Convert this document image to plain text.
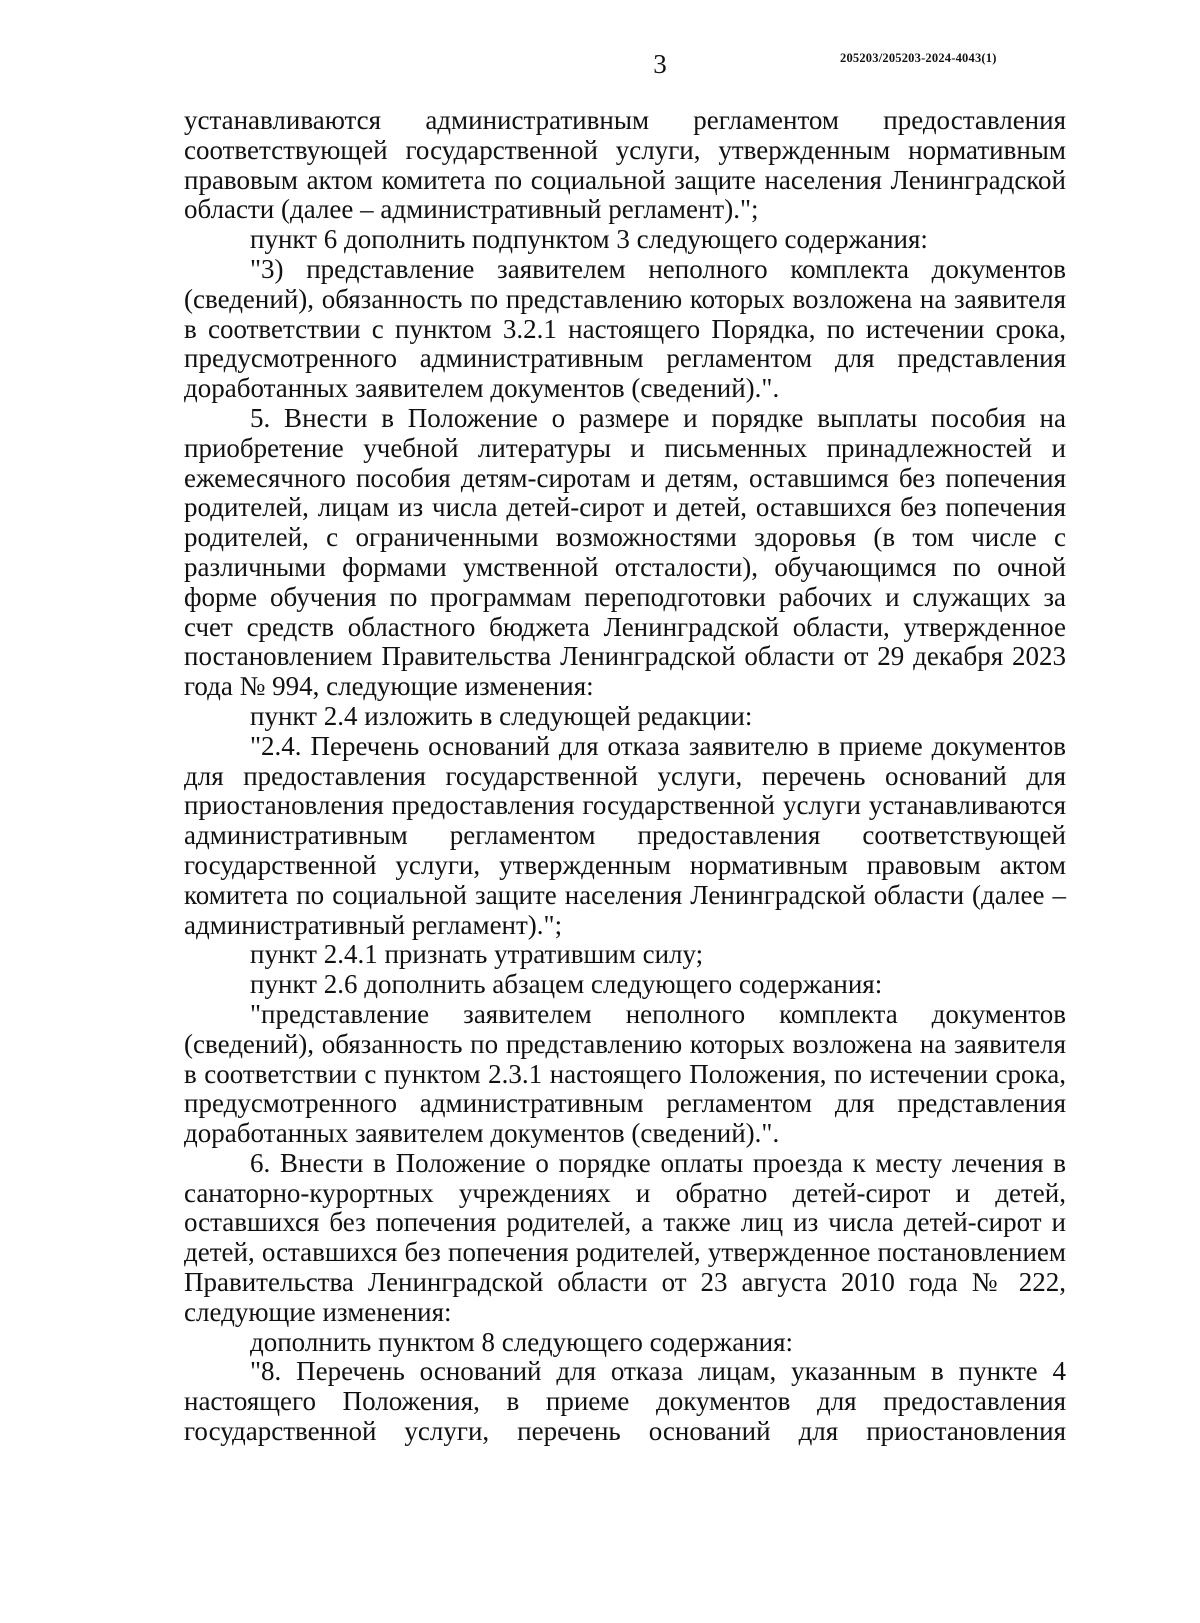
3	205203/205203-2024-4043(1)

устанавливаются административным регламентом предоставления соответствующей государственной услуги, утвержденным нормативным правовым актом комитета по социальной защите населения Ленинградской области (далее – административный регламент).";

пункт 6 дополнить подпунктом 3 следующего содержания:

"3) представление заявителем неполного комплекта документов (сведений), обязанность по представлению которых возложена на заявителя в соответствии с пунктом 3.2.1 настоящего Порядка, по истечении срока, предусмотренного административным регламентом для представления доработанных заявителем документов (сведений).".

5. Внести в Положение о размере и порядке выплаты пособия на приобретение учебной литературы и письменных принадлежностей и ежемесячного пособия детям-сиротам и детям, оставшимся без попечения родителей, лицам из числа детей-сирот и детей, оставшихся без попечения родителей, с ограниченными возможностями здоровья (в том числе с различными формами умственной отсталости), обучающимся по очной форме обучения по программам переподготовки рабочих и служащих за счет средств областного бюджета Ленинградской области, утвержденное постановлением Правительства Ленинградской области от 29 декабря 2023 года № 994, следующие изменения:

пункт 2.4 изложить в следующей редакции:

"2.4. Перечень оснований для отказа заявителю в приеме документов для предоставления государственной услуги, перечень оснований для приостановления предоставления государственной услуги устанавливаются административным регламентом предоставления соответствующей государственной услуги, утвержденным нормативным правовым актом комитета по социальной защите населения Ленинградской области (далее – административный регламент).";

пункт 2.4.1 признать утратившим силу;

пункт 2.6 дополнить абзацем следующего содержания:

"представление заявителем неполного комплекта документов (сведений), обязанность по представлению которых возложена на заявителя в соответствии с пунктом 2.3.1 настоящего Положения, по истечении срока, предусмотренного административным регламентом для представления доработанных заявителем документов (сведений).".

6. Внести в Положение о порядке оплаты проезда к месту лечения в санаторно-курортных учреждениях и обратно детей-сирот и детей, оставшихся без попечения родителей, а также лиц из числа детей-сирот и детей, оставшихся без попечения родителей, утвержденное постановлением Правительства Ленинградской области от 23 августа 2010 года № 222, следующие изменения:

дополнить пунктом 8 следующего содержания:

"8. Перечень оснований для отказа лицам, указанным в пункте 4 настоящего Положения, в приеме документов для предоставления государственной услуги, перечень оснований для приостановления
